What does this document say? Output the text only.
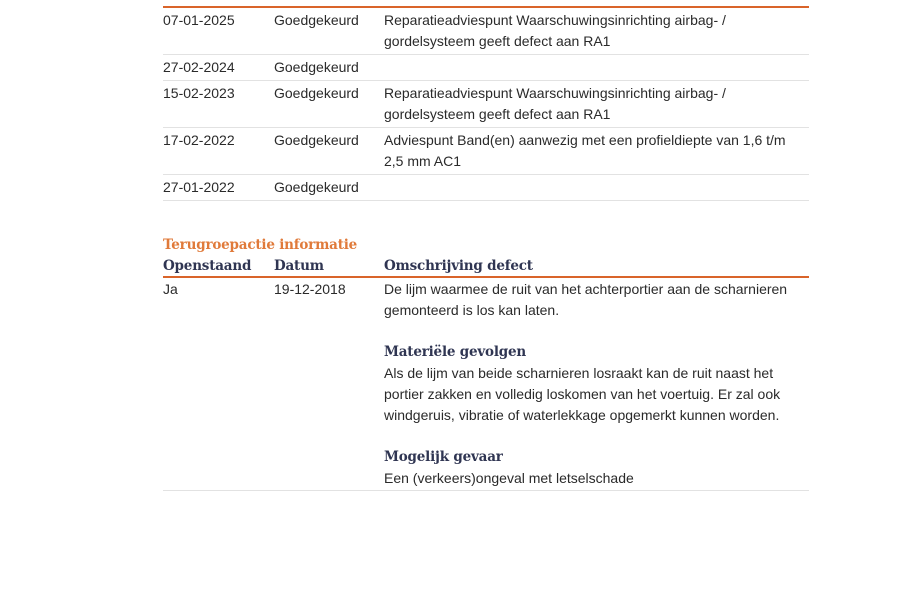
07-01-2025	Goedgekeurd	Reparatieadviespunt Waarschuwingsinrichting airbag- / gordelsysteem geeft defect aan RA1
27-02-2024	Goedgekeurd
15-02-2023	Goedgekeurd	Reparatieadviespunt Waarschuwingsinrichting airbag- / gordelsysteem geeft defect aan RA1
17-02-2022	Goedgekeurd	Adviespunt Band(en) aanwezig met een profieldiepte van 1,6 t/m 2,5 mm AC1
27-01-2022	Goedgekeurd
Terugroepactie informatie
Openstaand	Datum	Omschrijving defect
Ja	19-12-2018	De lijm waarmee de ruit van het achterportier aan de scharnieren gemonteerd is los kan laten.
Materiële gevolgen
Als de lijm van beide scharnieren losraakt kan de ruit naast het portier zakken en volledig loskomen van het voertuig. Er zal ook windgeruis, vibratie of waterlekkage opgemerkt kunnen worden.
Mogelijk gevaar
Een (verkeers)ongeval met letselschade
